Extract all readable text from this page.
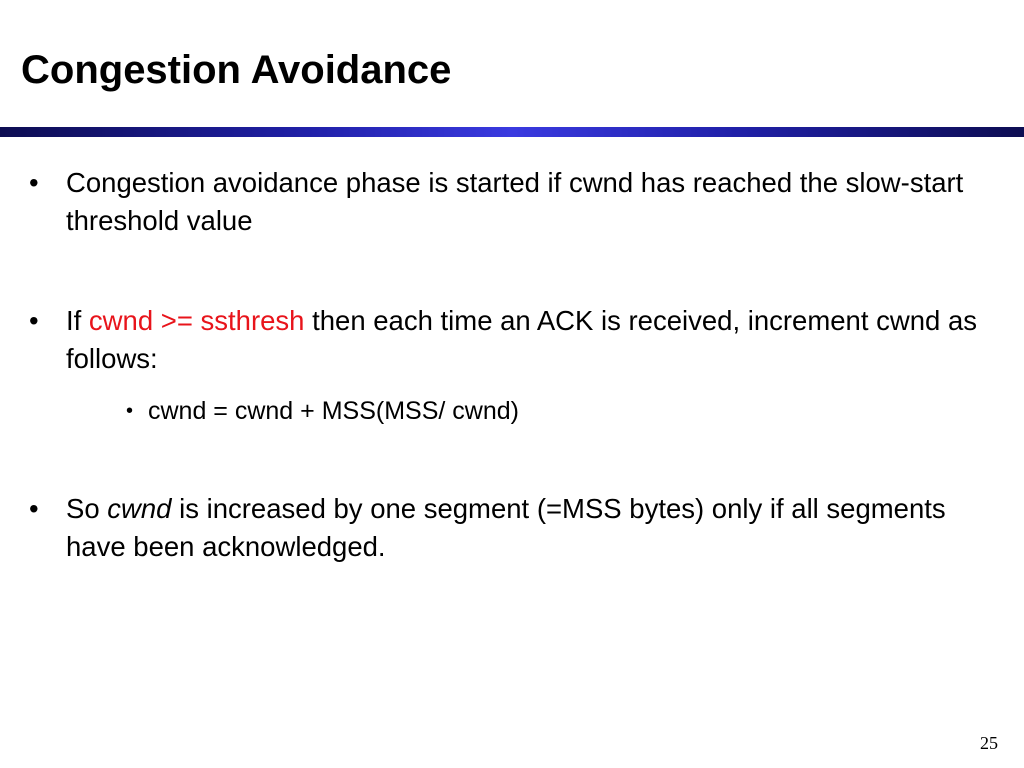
Congestion Avoidance

• Congestion avoidance phase is started if cwnd has reached the slow-start threshold value

• If cwnd >= ssthresh then each time an ACK is received, increment cwnd as follows:

• cwnd = cwnd + MSS(MSS/ cwnd)

• So cwnd is increased by one segment (=MSS bytes) only if all segments have been acknowledged.

25
